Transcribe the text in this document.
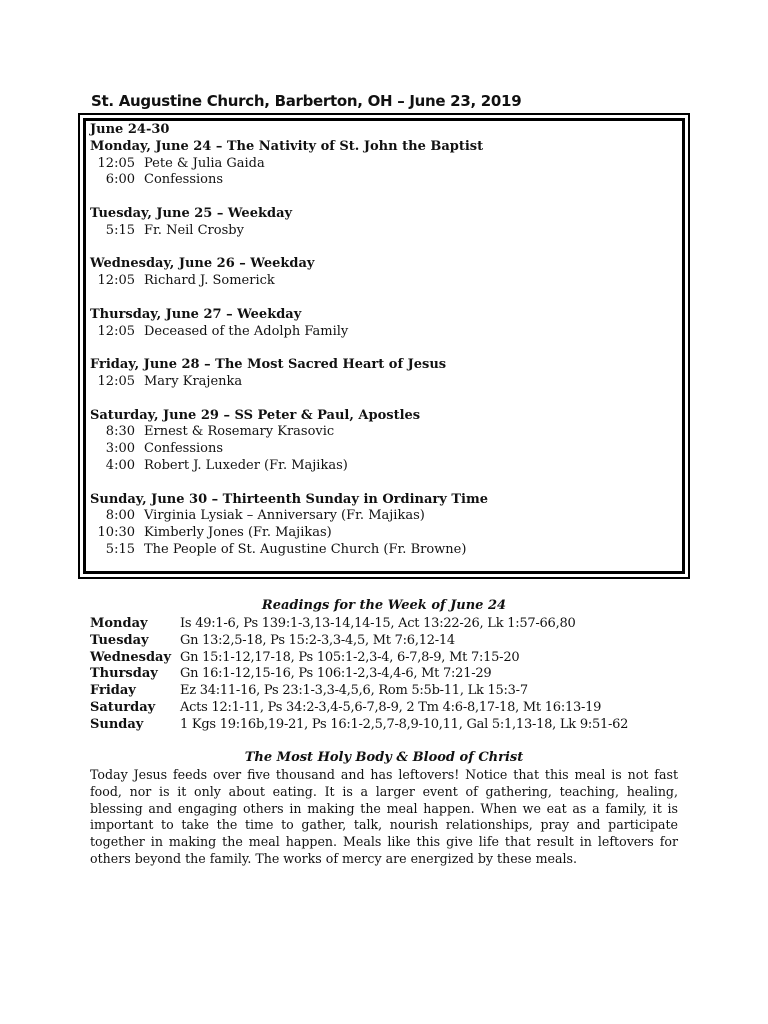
St. Augustine Church, Barberton, OH – June 23, 2019
June 24-30
Monday, June 24 – The Nativity of St. John the Baptist
12:05 Pete & Julia Gaida
6:00 Confessions
Tuesday, June 25 – Weekday
5:15 Fr. Neil Crosby
Wednesday, June 26 – Weekday
12:05 Richard J. Somerick
Thursday, June 27 – Weekday
12:05 Deceased of the Adolph Family
Friday, June 28 – The Most Sacred Heart of Jesus
12:05 Mary Krajenka
Saturday, June 29 – SS Peter & Paul, Apostles
8:30 Ernest & Rosemary Krasovic
3:00 Confessions
4:00 Robert J. Luxeder (Fr. Majikas)
Sunday, June 30 – Thirteenth Sunday in Ordinary Time
8:00 Virginia Lysiak – Anniversary (Fr. Majikas)
10:30 Kimberly Jones (Fr. Majikas)
5:15 The People of St. Augustine Church (Fr. Browne)
Readings for the Week of June 24
Monday	Is 49:1-6, Ps 139:1-3,13-14,14-15, Act 13:22-26, Lk 1:57-66,80
Tuesday	Gn 13:2,5-18, Ps 15:2-3,3-4,5, Mt 7:6,12-14
Wednesday Gn 15:1-12,17-18, Ps 105:1-2,3-4, 6-7,8-9, Mt 7:15-20
Thursday	Gn 16:1-12,15-16, Ps 106:1-2,3-4,4-6, Mt 7:21-29
Friday	Ez 34:11-16, Ps 23:1-3,3-4,5,6, Rom 5:5b-11, Lk 15:3-7
Saturday	Acts 12:1-11, Ps 34:2-3,4-5,6-7,8-9, 2 Tm 4:6-8,17-18, Mt 16:13-19
Sunday	1 Kgs 19:16b,19-21, Ps 16:1-2,5,7-8,9-10,11, Gal 5:1,13-18, Lk 9:51-62
The Most Holy Body & Blood of Christ
Today Jesus feeds over five thousand and has leftovers! Notice that this meal is not fast food, nor is it only about eating. It is a larger event of gathering, teaching, healing, blessing and engaging others in making the meal happen. When we eat as a family, it is important to take the time to gather, talk, nourish relationships, pray and participate together in making the meal happen. Meals like this give life that result in leftovers for others beyond the family. The works of mercy are energized by these meals.
